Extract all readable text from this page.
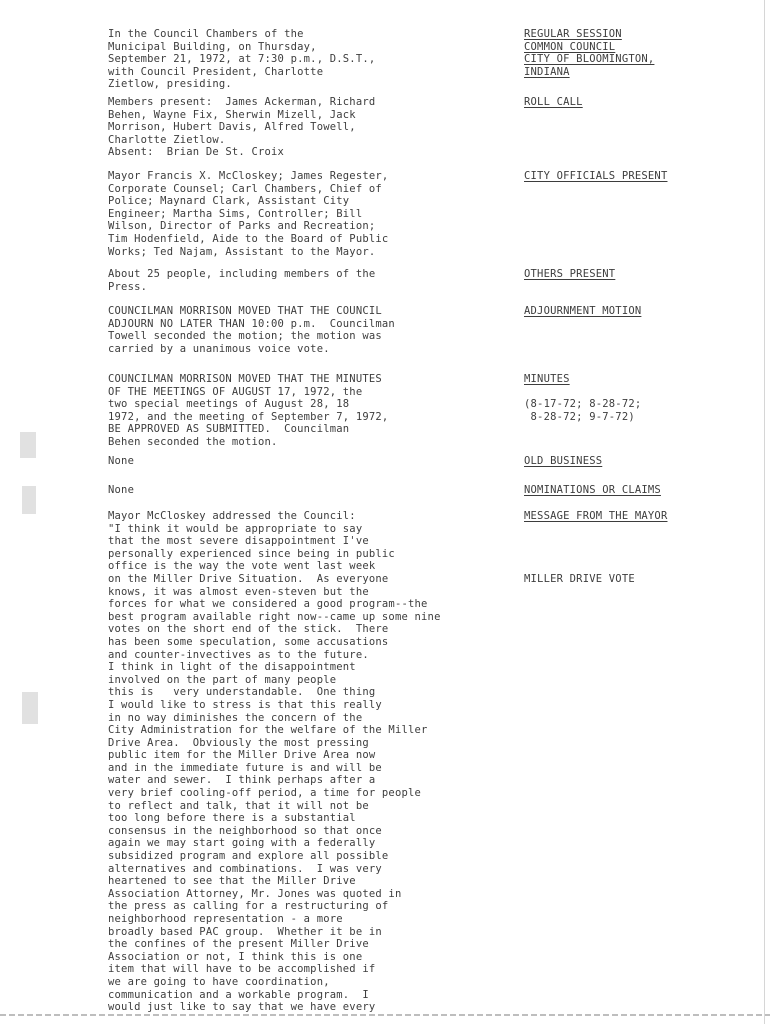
In the Council Chambers of the
Municipal Building, on Thursday,
September 21, 1972, at 7:30 p.m., D.S.T.,
with Council President, Charlotte
Zietlow, presiding.
REGULAR SESSION
COMMON COUNCIL
CITY OF BLOOMINGTON,
INDIANA
Members present:  James Ackerman, Richard
Behen, Wayne Fix, Sherwin Mizell, Jack
Morrison, Hubert Davis, Alfred Towell,
Charlotte Zietlow.
Absent:  Brian De St. Croix
ROLL CALL
Mayor Francis X. McCloskey; James Regester,
Corporate Counsel; Carl Chambers, Chief of
Police; Maynard Clark, Assistant City
Engineer; Martha Sims, Controller; Bill
Wilson, Director of Parks and Recreation;
Tim Hodenfield, Aide to the Board of Public
Works; Ted Najam, Assistant to the Mayor.
CITY OFFICIALS PRESENT
About 25 people, including members of the
Press.
OTHERS PRESENT
COUNCILMAN MORRISON MOVED THAT THE COUNCIL
ADJOURN NO LATER THAN 10:00 p.m.  Councilman
Towell seconded the motion; the motion was
carried by a unanimous voice vote.
ADJOURNMENT MOTION
COUNCILMAN MORRISON MOVED THAT THE MINUTES
OF THE MEETINGS OF AUGUST 17, 1972, the
two special meetings of August 28, 18
1972, and the meeting of September 7, 1972,
BE APPROVED AS SUBMITTED.  Councilman
Behen seconded the motion.
MINUTES

(8-17-72; 8-28-72;
8-28-72; 9-7-72)
None	OLD BUSINESS
None	NOMINATIONS OR CLAIMS
Mayor McCloskey addressed the Council:
"I think it would be appropriate to say
that the most severe disappointment I've
personally experienced since being in public
office is the way the vote went last week
on the Miller Drive Situation.  As everyone
knows, it was almost even-steven but the
forces for what we considered a good program--the
best program available right now--came up some nine
votes on the short end of the stick.  There
has been some speculation, some accusations
and counter-invectives as to the future.
I think in light of the disappointment
involved on the part of many people
this is   very understandable.  One thing
I would like to stress is that this really
in no way diminishes the concern of the
City Administration for the welfare of the Miller
Drive Area.  Obviously the most pressing
public item for the Miller Drive Area now
and in the immediate future is and will be
water and sewer.  I think perhaps after a
very brief cooling-off period, a time for people
to reflect and talk, that it will not be
too long before there is a substantial
consensus in the neighborhood so that once
again we may start going with a federally
subsidized program and explore all possible
alternatives and combinations.  I was very
heartened to see that the Miller Drive
Association Attorney, Mr. Jones was quoted in
the press as calling for a restructuring of
neighborhood representation - a more
broadly based PAC group.  Whether it be in
the confines of the present Miller Drive
Association or not, I think this is one
item that will have to be accomplished if
we are going to have coordination,
communication and a workable program.  I
would just like to say that we have every
MESSAGE FROM THE MAYOR

MILLER DRIVE VOTE
